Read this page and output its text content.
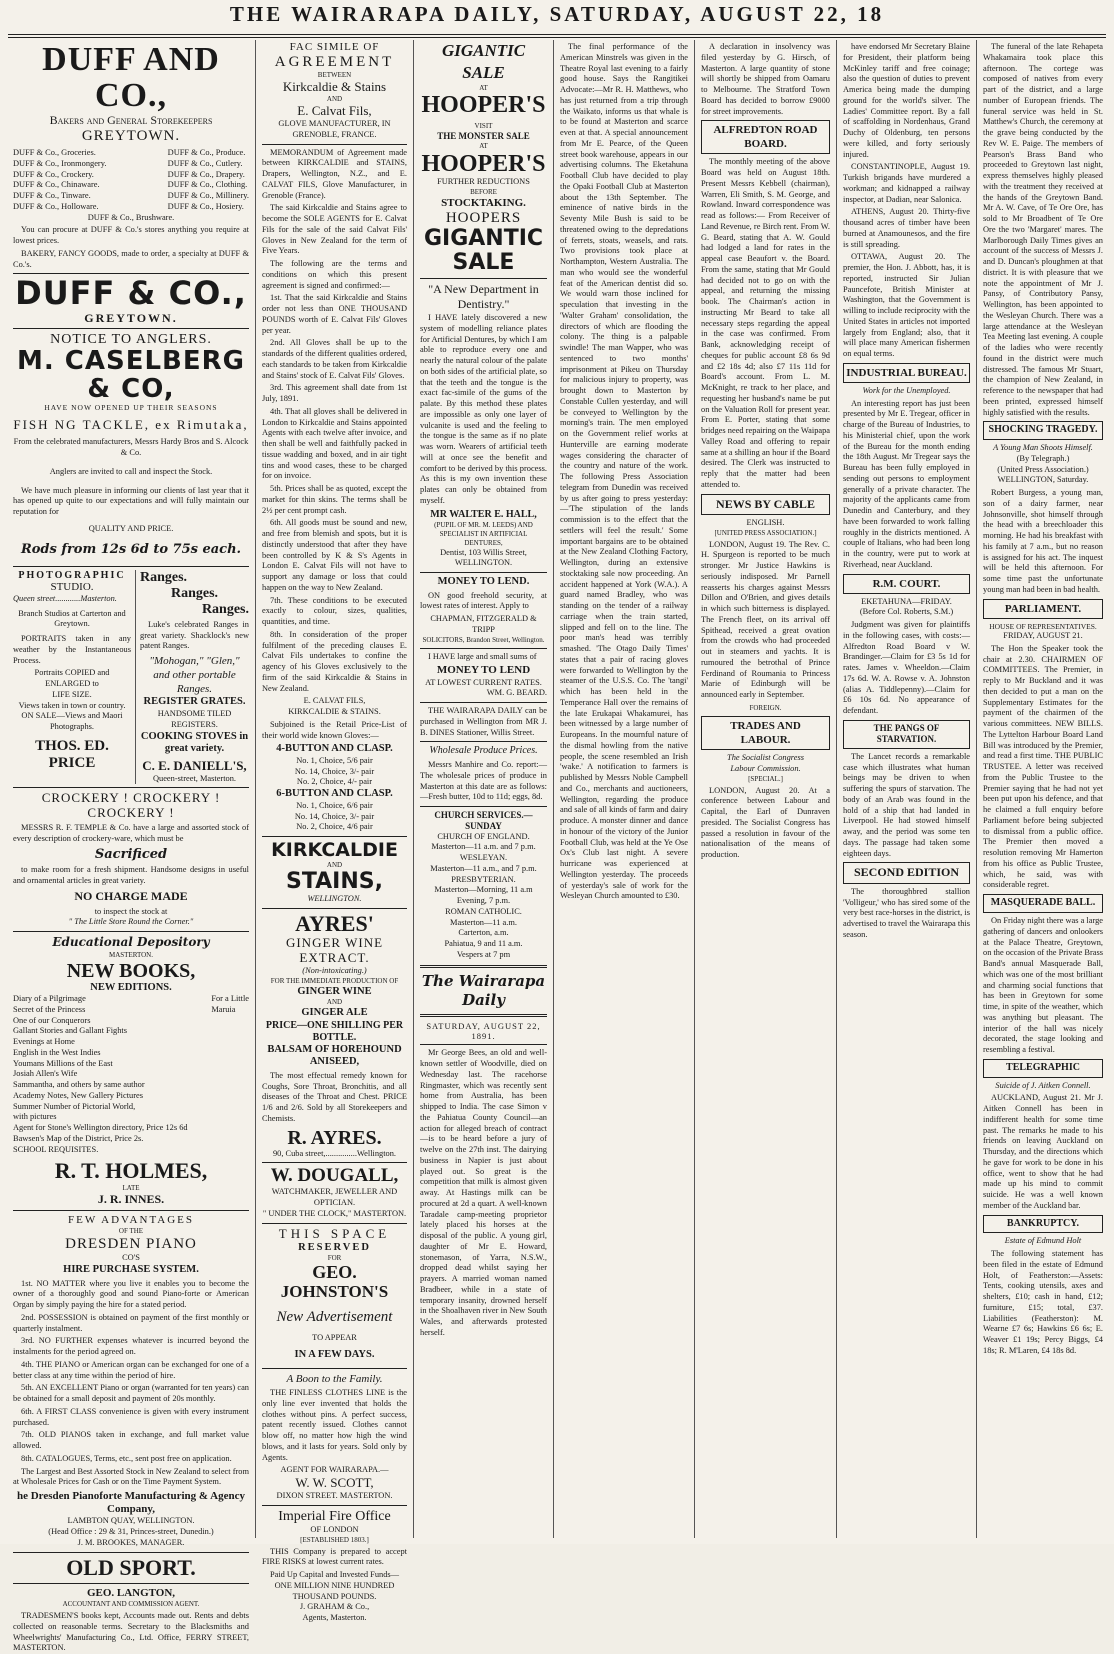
THE WAIRARAPA DAILY, SATURDAY, AUGUST 22, 18
DUFF AND CO.,
Bakers and General Storekeepers
GREYTOWN.
DUFF & Co., Groceries.
DUFF & Co., Ironmongery.
DUFF & Co., Crockery.
DUFF & Co., Chinaware.
DUFF & Co., Tinware.
DUFF & Co., Holloware.
DUFF & Co., Produce.
DUFF & Co., Cutlery.
DUFF & Co., Drapery.
DUFF & Co., Clothing.
DUFF & Co., Millinery.
DUFF & Co., Hosiery.
DUFF & Co., Brushware.
You can procure at DUFF & Co.'s stores anything you require at lowest prices.
BAKERY, FANCY GOODS, made to order, a specialty at DUFF & Co.'s.
DUFF & CO.,
GREYTOWN.
NOTICE TO ANGLERS.
M. CASELBERG & CO,
HAVE NOW OPENED UP THEIR SEASONS
FISH NG TACKLE, ex Rimutaka,
From the celebrated manufacturers, Messrs Hardy Bros and S. Alcock & Co.
Anglers are invited to call and inspect the Stock.
We have much pleasure in informing our clients of last year that it has opened up quite to our expectations and will fully maintain our reputation for
QUALITY AND PRICE.
Rods from 12s 6d to 75s each.
PHOTOGRAPHIC
STUDIO.
Queen street............Masterton.
Branch Studios at Carterton and Greytown.
PORTRAITS taken in any weather by the Instantaneous Process.
Portraits COPIED and ENLARGED to
LIFE SIZE.
Views taken in town or country.
ON SALE—Views and Maori Photographs.
THOS. ED. PRICE
Ranges.
Ranges.
Ranges.
Luke's celebrated Ranges in great variety. Shacklock's new patent Ranges.
"Mohogan," "Glen," and other portable Ranges.
REGISTER GRATES.
HANDSOME TILED REGISTERS.
COOKING STOVES in great variety.
C. E. DANIELL'S,
Queen-street, Masterton.
CROCKERY ! CROCKERY ! CROCKERY !
MESSRS R. F. TEMPLE & Co. have a large and assorted stock of every description of crockery-ware, which must be
Sacrificed
to make room for a fresh shipment. Handsome designs in useful and ornamental articles in great variety.
NO CHARGE MADE
to inspect the stock at
" The Little Store Round the Corner."
Educational Depository
MASTERTON.
NEW BOOKS,
NEW EDITIONS.
Diary of a Pilgrimage
Secret of the Princess
One of our Conquerors
Gallant Stories and Gallant Fights
Evenings at Home
English in the West Indies
Youmans Millions of the East
Josiah Allen's Wife
Sammantha, and others by same author
Academy Notes, New Gallery Pictures
Summer Number of Pictorial World,
with pictures
Agent for Stone's Wellington directory, Price 12s 6d
Bawsen's Map of the District, Price 2s.
SCHOOL REQUISITES.
For a Little
Maruia
R. T. HOLMES,
LATE
J. R. INNES.
FEW ADVANTAGES
OF THE
DRESDEN PIANO
CO'S
HIRE PURCHASE SYSTEM.
1st. NO MATTER where you live it enables you to become the owner of a thoroughly good and sound Piano-forte or American Organ by simply paying the hire for a stated period.
2nd. POSSESSION is obtained on payment of the first monthly or quarterly instalment.
3rd. NO FURTHER expenses whatever is incurred beyond the instalments for the period agreed on.
4th. THE PIANO or American organ can be exchanged for one of a better class at any time within the period of hire.
5th. AN EXCELLENT Piano or organ (warranted for ten years) can be obtained for a small deposit and payment of 20s monthly.
6th. A FIRST CLASS convenience is given with every instrument purchased.
7th. OLD PIANOS taken in exchange, and full market value allowed.
8th. CATALOGUES, Terms, etc., sent post free on application.
The Largest and Best Assorted Stock in New Zealand to select from at Wholesale Prices for Cash or on the Time Payment System.
he Dresden Pianoforte Manufacturing & Agency Company,
LAMBTON QUAY, WELLINGTON.
(Head Office : 29 & 31, Princes-street, Dunedin.)
J. M. BROOKES, MANAGER.
OLD SPORT.
GEO. LANGTON,
ACCOUNTANT AND COMMISSION AGENT.
TRADESMEN'S books kept, Accounts made out. Rents and debts collected on reasonable terms. Secretary to the Blacksmiths and Wheelwrights' Manufacturing Co., Ltd. Office, FERRY STREET, MASTERTON.
FAC SIMILE OF
AGREEMENT
BETWEEN
Kirkcaldie & Stains
AND
E. Calvat Fils,
GLOVE MANUFACTURER, IN
GRENOBLE, FRANCE.
MEMORANDUM of Agreement made between KIRKCALDIE and STAINS, Drapers, Wellington, N.Z., and E. CALVAT FILS, Glove Manufacturer, in Grenoble (France).
The said Kirkcaldie and Stains agree to become the SOLE AGENTS for E. Calvat Fils for the sale of the said Calvat Fils' Gloves in New Zealand for the term of Five Years.
The following are the terms and conditions on which this present agreement is signed and confirmed:—
1st. That the said Kirkcaldie and Stains order not less than ONE THOUSAND POUNDS worth of E. Calvat Fils' Gloves per year.
2nd. All Gloves shall be up to the standards of the different qualities ordered, each standards to be taken from Kirkcaldie and Stains' stock of E. Calvat Fils' Gloves.
3rd. This agreement shall date from 1st July, 1891.
4th. That all gloves shall be delivered in London to Kirkcaldie and Stains appointed Agents with each twelve after invoice, and then shall be well and faithfully packed in tissue wadding and boxed, and in air tight tins and wood cases, these to be charged for on invoice.
5th. Prices shall be as quoted, except the market for thin skins. The terms shall be 2½ per cent prompt cash.
6th. All goods must be sound and new, and free from blemish and spots, but it is distinctly understood that after they have been controlled by K & S's Agents in London E. Calvat Fils will not have to support any damage or loss that could happen on the way to New Zealand.
7th. These conditions to be executed exactly to colour, sizes, qualities, quantities, and time.
8th. In consideration of the proper fulfilment of the preceding clauses E. Calvat Fils undertakes to confine the agency of his Gloves exclusively to the firm of the said Kirkcaldie & Stains in New Zealand.
E. CALVAT FILS,
KIRKCALDIE & STAINS.
Subjoined is the Retail Price-List of their world wide known Gloves:—
4-BUTTON AND CLASP.
No. 1, Choice, 5/6 pair
No. 14, Choice, 3/- pair
No. 2, Choice, 4/- pair
6-BUTTON AND CLASP.
No. 1, Choice, 6/6 pair
No. 14, Choice, 3/- pair
No. 2, Choice, 4/6 pair
KIRKCALDIE
AND
STAINS,
WELLINGTON.
AYRES'
GINGER WINE
EXTRACT.
(Non-intoxicating.)
FOR THE IMMEDIATE PRODUCTION OF
GINGER WINE
AND
GINGER ALE
PRICE—ONE SHILLING PER BOTTLE.
BALSAM OF HOREHOUND
ANISEED,
The most effectual remedy known for Coughs, Sore Throat, Bronchitis, and all diseases of the Throat and Chest. PRICE 1/6 and 2/6. Sold by all Storekeepers and Chemists.
R. AYRES.
90, Cuba street,...............Wellington.
W. DOUGALL,
WATCHMAKER, JEWELLER AND OPTICIAN.
" UNDER THE CLOCK," MASTERTON.
THIS SPACE
RESERVED
FOR
GEO.
JOHNSTON'S
New Advertisement
TO APPEAR
IN A FEW DAYS.
A Boon to the Family.
THE FINLESS CLOTHES LINE is the only line ever invented that holds the clothes without pins. A perfect success, patent recently issued. Clothes cannot blow off, no matter how high the wind blows, and it lasts for years. Sold only by Agents.
AGENT FOR WAIRARAPA.—
W. W. SCOTT,
DIXON STREET. MASTERTON.
Imperial Fire Office
OF LONDON
[ESTABLISHED 1803.]
THIS Company is prepared to accept FIRE RISKS at lowest current rates.
Paid Up Capital and Invested Funds—
ONE MILLION NINE HUNDRED
THOUSAND POUNDS.
J. GRAHAM & Co.,
Agents, Masterton.
GIGANTIC SALE
AT
HOOPER'S
VISIT
THE MONSTER SALE
AT
HOOPER'S
FURTHER REDUCTIONS
BEFORE
STOCKTAKING.
HOOPERS
GIGANTIC SALE
"A New Department in Dentistry."
I HAVE lately discovered a new system of modelling reliance plates for Artificial Dentures, by which I am able to reproduce every one and nearly the natural colour of the palate on both sides of the artificial plate, so that the teeth and the tongue is the exact fac-simile of the gums of the palate. By this method these plates are impossible as only one layer of vulcanite is used and the feeling to the tongue is the same as if no plate was worn. Wearers of artificial teeth will at once see the benefit and comfort to be derived by this process. As this is my own invention these plates can only be obtained from myself.
MR WALTER E. HALL,
(PUPIL OF MR. M. LEEDS) AND SPECIALIST IN ARTIFICIAL DENTURES,
Dentist, 103 Willis Street, WELLINGTON.
MONEY TO LEND.
ON good freehold security, at lowest rates of interest. Apply to
CHAPMAN, FITZGERALD & TRIPP
SOLICITORS, Brandon Street, Wellington.
I HAVE large and small sums of
MONEY TO LEND
AT LOWEST CURRENT RATES.
WM. G. BEARD.
THE WAIRARAPA DAILY can be purchased in Wellington from MR J. B. DINES Stationer, Willis Street.
Wholesale Produce Prices.
Messrs Manhire and Co. report:—The wholesale prices of produce in Masterton at this date are as follows:—Fresh butter, 10d to 11d; eggs, 8d.
CHURCH SERVICES.—SUNDAY
CHURCH OF ENGLAND.
Masterton—11 a.m. and 7 p.m.
WESLEYAN.
Masterton—11 a.m., and 7 p.m.
PRESBYTERIAN.
Masterton—Morning, 11 a.m Evening, 7 p.m.
ROMAN CATHOLIC.
Masterton—11 a.m.
Carterton, a.m.
Pahiatua, 9 and 11 a.m.
Vespers at 7 pm
The Wairarapa Daily
SATURDAY, AUGUST 22, 1891.
Mr George Bees, an old and well-known settler of Woodville, died on Wednesday last. The racehorse Ringmaster, which was recently sent home from Australia, has been shipped to India. The case Simon v the Pahiatua County Council—an action for alleged breach of contract—is to be heard before a jury of twelve on the 27th inst. The dairying business in Napier is just about played out. So great is the competition that milk is almost given away. At Hastings milk can be procured at 2d a quart. A well-known Taradale camp-meeting proprietor lately placed his horses at the disposal of the public. A young girl, daughter of Mr E. Howard, stonemason, of Yarra, N.S.W., dropped dead whilst saying her prayers. A married woman named Bradbeer, while in a state of temporary insanity, drowned herself in the Shoalhaven river in New South Wales, and afterwards protested herself.
The final performance of the American Minstrels was given in the Theatre Royal last evening to a fairly good house. Says the Rangitikei Advocate:—Mr R. H. Matthews, who has just returned from a trip through the Waikato, informs us that whale is to be found at Masterton and scarce even at that. A special announcement from Mr E. Pearce, of the Queen street book warehouse, appears in our advertising columns. The Eketahuna Football Club have decided to play the Opaki Football Club at Masterton about the 13th September. The eminence of native birds in the Seventy Mile Bush is said to be threatened owing to the depredations of ferrets, stoats, weasels, and rats. Two provisions took place at Northampton, Western Australia. The man who would see the wonderful feat of the American dentist did so. We would warn those inclined for speculation that investing in the 'Walter Graham' consolidation, the directors of which are flooding the colony. The thing is a palpable swindle! The man Wapper, who was sentenced to two months' imprisonment at Pikeu on Thursday for malicious injury to property, was brought down to Masterton by Constable Cullen yesterday, and will be conveyed to Wellington by the morning's train. The men employed on the Government relief works at Hunterville are earning moderate wages considering the character of the country and nature of the work. The following Press Association telegram from Dunedin was received by us after going to press yesterday:—'The stipulation of the lands commission is to the effect that the settlers will feel the result.' Some important bargains are to be obtained at the New Zealand Clothing Factory, Wellington, during an extensive stocktaking sale now proceeding. An accident happened at York (W.A.). A guard named Bradley, who was standing on the tender of a railway carriage when the train started, slipped and fell on to the line. The poor man's head was terribly smashed. 'The Otago Daily Times' states that a pair of racing gloves were forwarded to Wellington by the steamer of the U.S.S. Co. The 'tangi' which has been held in the Temperance Hall over the remains of the late Erukapai Whakamurei, has been witnessed by a large number of Europeans. In the mournful nature of the dismal howling from the native people, the scene resembled an Irish 'wake.' A notification to farmers is published by Messrs Noble Campbell and Co., merchants and auctioneers, Wellington, regarding the produce and sale of all kinds of farm and dairy produce. A monster dinner and dance in honour of the victory of the Junior Football Club, was held at the Ye Ose Ox's Club last night. A severe hurricane was experienced at Wellington yesterday. The proceeds of yesterday's sale of work for the Wesleyan Church amounted to £30.
A declaration in insolvency was filed yesterday by G. Hirsch, of Masterton. A large quantity of stone will shortly be shipped from Oamaru to Melbourne. The Stratford Town Board has decided to borrow £9000 for street improvements.
ALFREDTON ROAD BOARD.
The monthly meeting of the above Board was held on August 18th. Present Messrs Kebbell (chairman), Warren, Eli Smith, S. M. George, and Rowland. Inward correspondence was read as follows:— From Receiver of Land Revenue, re Birch rent. From W. G. Beard, stating that A. W. Gould had lodged a land for rates in the appeal case Beaufort v. the Board. From the same, stating that Mr Gould had decided not to go on with the appeal, and returning the missing book. The Chairman's action in instructing Mr Beard to take all necessary steps regarding the appeal in the case was confirmed. From Bank, acknowledging receipt of cheques for public account £8 6s 9d and £2 18s 4d; also £7 11s 11d for Board's account. From L. M. McKnight, re track to her place, and requesting her husband's name be put on the Valuation Roll for present year. From E. Porter, stating that some bridges need repairing on the Waipapa Valley Road and offering to repair same at a shilling an hour if the Board desired. The Clerk was instructed to reply that the matter had been attended to.
NEWS BY CABLE
ENGLISH.
[UNITED PRESS ASSOCIATION.]
LONDON, August 19. The Rev. C. H. Spurgeon is reported to be much stronger. Mr Justice Hawkins is seriously indisposed. Mr Parnell reasserts his charges against Messrs Dillon and O'Brien, and gives details in which such bitterness is displayed. The French fleet, on its arrival off Spithead, received a great ovation from the crowds who had proceeded out in steamers and yachts. It is rumoured the betrothal of Prince Ferdinand of Roumania to Princess Marie of Edinburgh will be announced early in September.
FOREIGN.
TRADES AND LABOUR.
The Socialist Congress
Labour Commission.
[SPECIAL.]
LONDON, August 20. At a conference between Labour and Capital, the Earl of Dunraven presided. The Socialist Congress has passed a resolution in favour of the nationalisation of the means of production.
have endorsed Mr Secretary Blaine for President, their platform being McKinley tariff and free coinage; also the question of duties to prevent America being made the dumping ground for the world's silver. The Ladies' Committee report. By a fall of scaffolding in Nordenhaus, Grand Duchy of Oldenburg, ten persons were killed, and forty seriously injured.
CONSTANTINOPLE, August 19. Turkish brigands have murdered a workman; and kidnapped a railway inspector, at Dadian, near Salonica.
ATHENS, August 20. Thirty-five thousand acres of timber have been burned at Anamounesos, and the fire is still spreading.
OTTAWA, August 20. The premier, the Hon. J. Abbott, has, it is reported, instructed Sir Julian Pauncefote, British Minister at Washington, that the Government is willing to include reciprocity with the United States in articles not imported largely from England; also, that it will place many American fishermen on equal terms.
INDUSTRIAL BUREAU.
Work for the Unemployed.
An interesting report has just been presented by Mr E. Tregear, officer in charge of the Bureau of Industries, to his Ministerial chief, upon the work of the Bureau for the month ending the 18th August. Mr Tregear says the Bureau has been fully employed in sending out persons to employment generally of a private character. The majority of the applicants came from Dunedin and Canterbury, and they have been forwarded to work falling roughly in the districts mentioned. A couple of Italians, who had been long in the country, were put to work at Riverhead, near Auckland.
R.M. COURT.
EKETAHUNA—FRIDAY.
(Before Col. Roberts, S.M.)
Judgment was given for plaintiffs in the following cases, with costs:— Alfredton Road Board v W. Brandinger.—Claim for £3 5s 1d for rates. James v. Wheeldon.—Claim 17s 6d. W. A. Rowse v. A. Johnston (alias A. Tiddlepenny).—Claim for £6 10s 6d. No appearance of defendant.
THE PANGS OF STARVATION.
The Lancet records a remarkable case which illustrates what human beings may be driven to when suffering the spurs of starvation. The body of an Arab was found in the hold of a ship that had landed in Liverpool. He had stowed himself away, and the period was some ten days. The passage had taken some eighteen days.
SECOND EDITION
The thoroughbred stallion 'Volligeur,' who has sired some of the very best race-horses in the district, is advertised to travel the Wairarapa this season.
The funeral of the late Rehapeta Whakamaira took place this afternoon. The cortege was composed of natives from every part of the district, and a large number of European friends. The funeral service was held in St. Matthew's Church, the ceremony at the grave being conducted by the Rev W. E. Paige. The members of Pearson's Brass Band who proceeded to Greytown last night, express themselves highly pleased with the treatment they received at the hands of the Greytown Band. Mr A. W. Cave, of Te Ore Ore, has sold to Mr Broadbent of Te Ore Ore the two 'Margaret' mares. The Marlborough Daily Times gives an account of the success of Messrs J. and D. Duncan's ploughmen at that district. It is with pleasure that we note the appointment of Mr J. Pansy, of Contributory Pansy, Wellington, has been appointed to the Wesleyan Church. There was a large attendance at the Wesleyan Tea Meeting last evening. A couple of the ladies who were recently found in the district were much distressed. The famous Mr Stuart, the champion of New Zealand, in reference to the newspaper that had been printed, expressed himself highly satisfied with the results.
SHOCKING TRAGEDY.
A Young Man Shoots Himself.
(By Telegraph.)
(United Press Association.)
WELLINGTON, Saturday.
Robert Burgess, a young man, son of a dairy farmer, near Johnsonville, shot himself through the head with a breechloader this morning. He had his breakfast with his family at 7 a.m., but no reason is assigned for his act. The inquest will be held this afternoon. For some time past the unfortunate young man had been in bad health.
PARLIAMENT.
HOUSE OF REPRESENTATIVES.
FRIDAY, AUGUST 21.
The Hon the Speaker took the chair at 2.30. CHAIRMEN OF COMMITTEES. The Premier, in reply to Mr Buckland and it was then decided to put a man on the Supplementary Estimates for the payment of the chairmen of the various committees. NEW BILLS. The Lyttelton Harbour Board Land Bill was introduced by the Premier, and read a first time. THE PUBLIC TRUSTEE. A letter was received from the Public Trustee to the Premier saying that he had not yet been put upon his defence, and that he claimed a full enquiry before Parliament before being subjected to dismissal from a public office. The Premier then moved a resolution removing Mr Hamerton from his office as Public Trustee, which, he said, was with considerable regret.
MASQUERADE BALL.
On Friday night there was a large gathering of dancers and onlookers at the Palace Theatre, Greytown, on the occasion of the Private Brass Band's annual Masquerade Ball, which was one of the most brilliant and charming social functions that has been in Greytown for some time, in spite of the weather, which was anything but pleasant. The interior of the hall was nicely decorated, the stage looking and resembling a festival.
TELEGRAPHIC
Suicide of J. Aitken Connell.
AUCKLAND, August 21. Mr J. Aitken Connell has been in indifferent health for some time past. The remarks he made to his friends on leaving Auckland on Thursday, and the directions which he gave for work to be done in his office, went to show that he had made up his mind to commit suicide. He was a well known member of the Auckland bar.
BANKRUPTCY.
Estate of Edmund Holt
The following statement has been filed in the estate of Edmund Holt, of Featherston:—Assets: Tents, cooking utensils, axes and shelters, £10; cash in hand, £12; furniture, £15; total, £37. Liabilities (Featherston): M. Wearne £7 6s; Hawkins £6 6s; E. Weaver £1 19s; Percy Biggs, £4 18s; R. M'Laren, £4 18s 8d.
